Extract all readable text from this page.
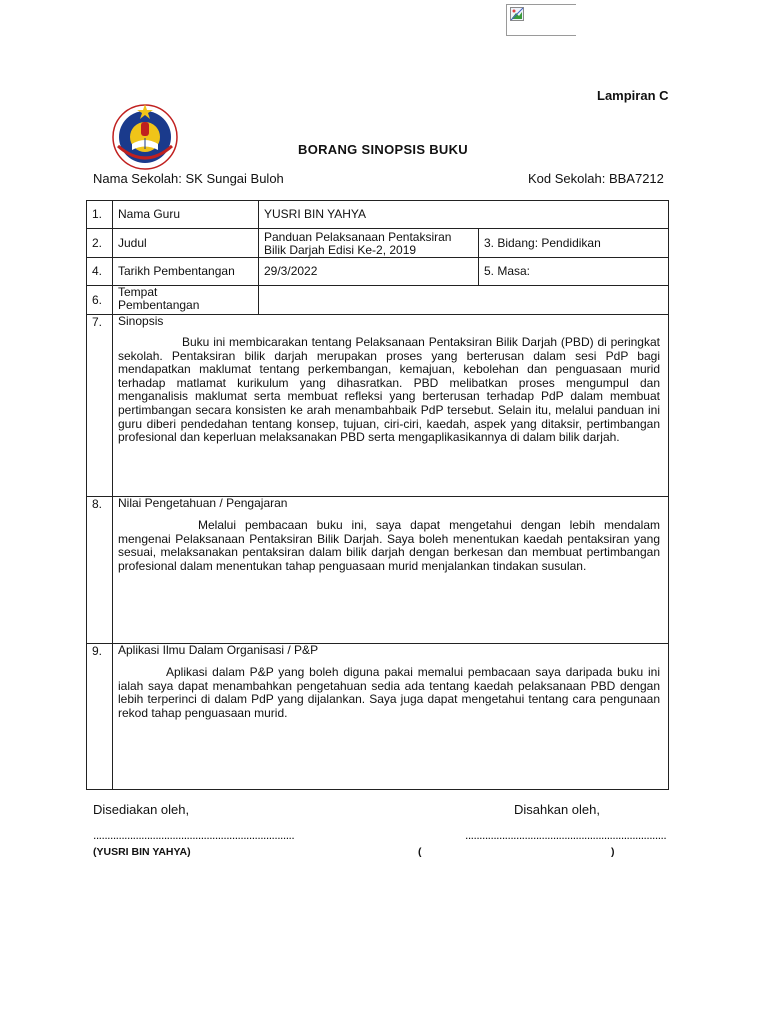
Lampiran C
BORANG SINOPSIS BUKU
Nama Sekolah: SK Sungai Buloh	Kod Sekolah: BBA7212
1.	Nama Guru	YUSRI BIN YAHYA	
2.	Judul	Panduan Pelaksanaan Pentaksiran
Bilik Darjah Edisi Ke-2, 2019	3. Bidang: Pendidikan
4.	Tarikh Pembentangan	29/3/2022	5. Masa:
6.	Tempat
Pembentangan		

7.	Sinopsis
Buku ini membicarakan tentang Pelaksanaan Pentaksiran Bilik Darjah (PBD) di peringkat sekolah. Pentaksiran bilik darjah merupakan proses yang berterusan dalam sesi PdP bagi mendapatkan maklumat tentang perkembangan, kemajuan, kebolehan dan penguasaan murid terhadap matlamat kurikulum yang dihasratkan. PBD melibatkan proses mengumpul dan menganalisis maklumat serta membuat refleksi yang berterusan terhadap PdP dalam membuat pertimbangan secara konsisten ke arah menambahbaik PdP tersebut. Selain itu, melalui panduan ini guru diberi pendedahan tentang konsep, tujuan, ciri-ciri, kaedah, aspek yang ditaksir, pertimbangan profesional dan keperluan melaksanakan PBD serta mengaplikasikannya di dalam bilik darjah.		

8.	Nilai Pengetahuan / Pengajaran
Melalui pembacaan buku ini, saya dapat mengetahui dengan lebih mendalam mengenai Pelaksanaan Pentaksiran Bilik Darjah. Saya boleh menentukan kaedah pentaksiran yang sesuai, melaksanakan pentaksiran dalam bilik darjah dengan berkesan dan membuat pertimbangan profesional dalam menentukan tahap penguasaan murid menjalankan tindakan susulan.		

9.	Aplikasi Ilmu Dalam Organisasi / P&P
Aplikasi dalam P&P yang boleh diguna pakai memalui pembacaan saya daripada buku ini ialah saya dapat menambahkan pengetahuan sedia ada tentang kaedah pelaksanaan PBD dengan lebih terperinci di dalam PdP yang dijalankan. Saya juga dapat mengetahui tentang cara pengunaan rekod tahap penguasaan murid.		
Disediakan oleh,	Disahkan oleh,
.......................................................................	.......................................................................
(YUSRI BIN YAHYA)	(	)
